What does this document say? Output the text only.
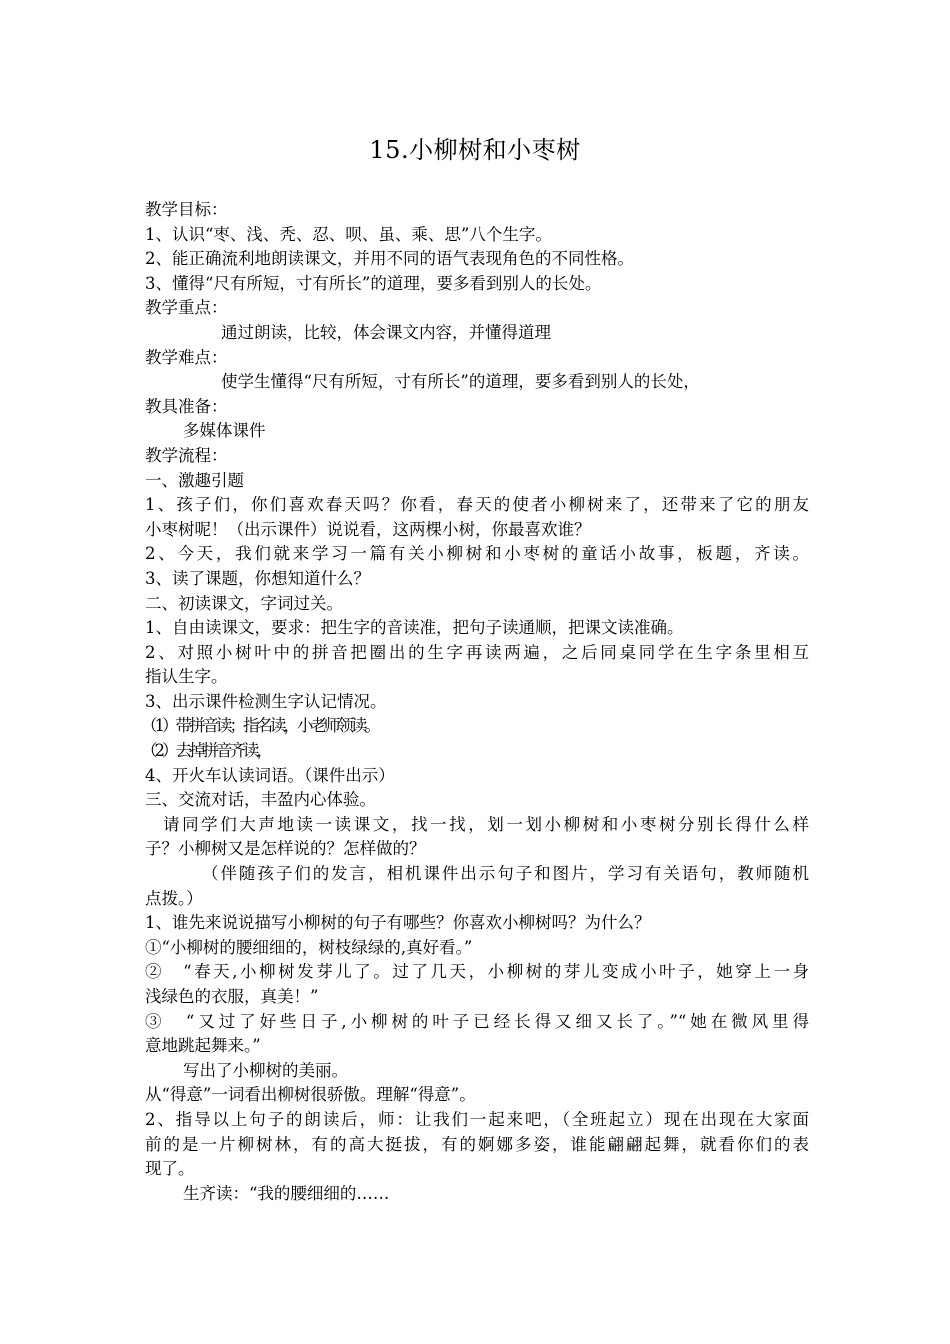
15.小柳树和小枣树

教学目标：

1、认识“枣、浅、秃、忍、呗、虽、乘、思”八个生字。

2、能正确流利地朗读课文，并用不同的语气表现角色的不同性格。

3、懂得“尺有所短，寸有所长”的道理，要多看到别人的长处。

教学重点：

通过朗读，比较，体会课文内容，并懂得道理

教学难点：

使学生懂得“尺有所短，寸有所长”的道理，要多看到别人的长处，

教具准备：

多媒体课件

教学流程：

一、激趣引题

1、孩子们，你们喜欢春天吗？你看，春天的使者小柳树来了，还带来了它的朋友

小枣树呢！（出示课件）说说看，这两棵小树，你最喜欢谁？

2、今天，我们就来学习一篇有关小柳树和小枣树的童话小故事，板题，齐读。

3、读了课题，你想知道什么？

二、初读课文，字词过关。

1、自由读课文，要求：把生字的音读准，把句子读通顺，把课文读准确。

2、对照小树叶中的拼音把圈出的生字再读两遍，之后同桌同学在生字条里相互

指认生字。

3、出示课件检测生字认记情况。

（1）带拼音读；指名读，小老师领读。

（2）去掉拼音齐读，

4、开火车认读词语。（课件出示）

三、交流对话，丰盈内心体验。

请同学们大声地读一读课文，找一找，划一划小柳树和小枣树分别长得什么样

子？小柳树又是怎样说的？怎样做的？

（伴随孩子们的发言，相机课件出示句子和图片，学习有关语句，教师随机

点拨。）

1、谁先来说说描写小柳树的句子有哪些？你喜欢小柳树吗？为什么？

①“小柳树的腰细细的，树枝绿绿的,真好看。”

②　“春天,小柳树发芽儿了。过了几天，小柳树的芽儿变成小叶子，她穿上一身

浅绿色的衣服，真美！”

③　“又过了好些日子,小柳树的叶子已经长得又细又长了。”“她在微风里得

意地跳起舞来。”

写出了小柳树的美丽。

从“得意”一词看出柳树很骄傲。理解“得意”。

2、指导以上句子的朗读后，师：让我们一起来吧，（全班起立）现在出现在大家面

前的是一片柳树林，有的高大挺拔，有的婀娜多姿，谁能翩翩起舞，就看你们的表

现了。

生齐读：“我的腰细细的……
